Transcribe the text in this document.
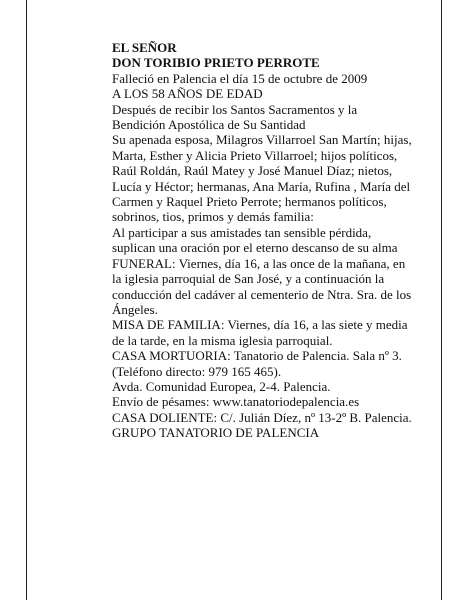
EL SEÑOR

DON TORIBIO PRIETO PERROTE

Falleció en Palencia el día 15 de octubre de 2009

A LOS 58 AÑOS DE EDAD

Después de recibir los Santos Sacramentos y la Bendición Apostólica de Su Santidad

Su apenada esposa, Milagros Villarroel San Martín; hijas, Marta, Esther y Alicia Prieto Villarroel; hijos políticos, Raúl Roldán, Raúl Matey y José Manuel Díaz; nietos, Lucía y Héctor; hermanas, Ana María, Rufina , María del Carmen y Raquel Prieto Perrote; hermanos políticos, sobrinos, tios, primos y demás familia:

Al participar a sus amistades tan sensible pérdida, suplican una oración por el eterno descanso de su alma

FUNERAL: Viernes, día 16, a las once de la mañana, en la iglesia parroquial de San José, y a continuación la conducción del cadáver al cementerio de Ntra. Sra. de los Ángeles.

MISA DE FAMILIA: Viernes, día 16, a las siete y media de la tarde, en la misma iglesia parroquial.

CASA MORTUORIA: Tanatorio de Palencia. Sala nº 3. (Teléfono directo: 979 165 465).

Avda. Comunidad Europea, 2-4. Palencia.

Envío de pésames: www.tanatoriodepalencia.es

CASA DOLIENTE: C/. Julián Díez, nº 13-2º B. Palencia.

GRUPO TANATORIO DE PALENCIA
